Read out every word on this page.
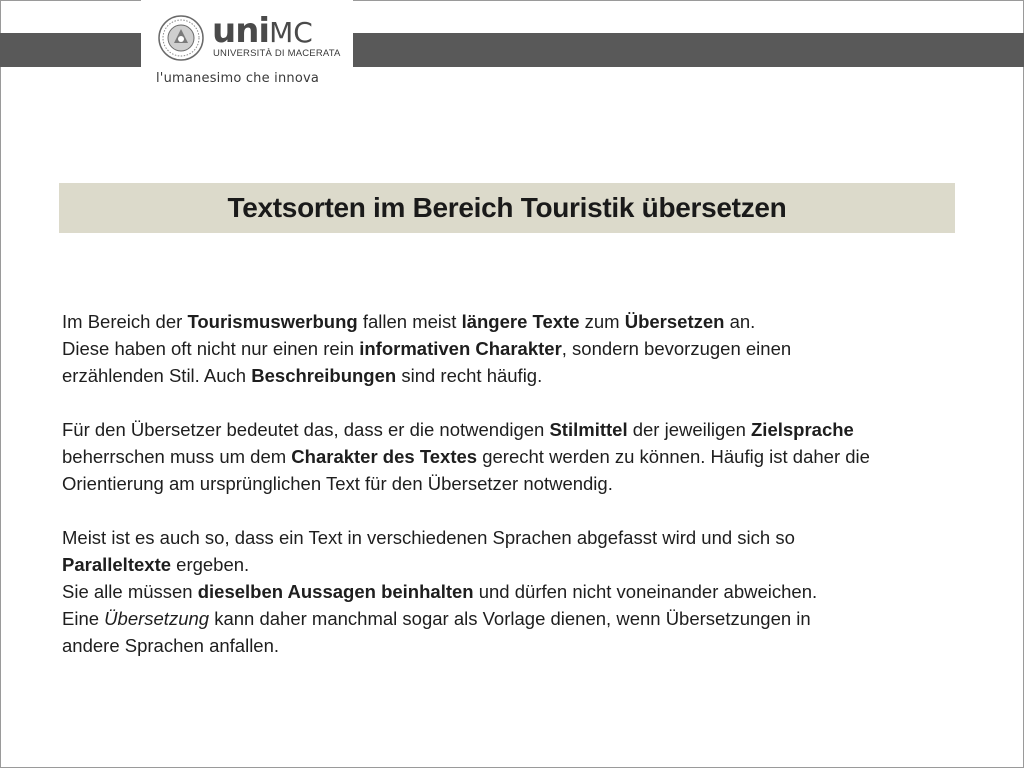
uniMC
UNIVERSITÀ DI MACERATA
l'umanesimo che innova
Textsorten im Bereich Touristik übersetzen

Im Bereich der Tourismuswerbung fallen meist längere Texte zum Übersetzen an.
Diese haben oft nicht nur einen rein informativen Charakter, sondern bevorzugen einen
erzählenden Stil. Auch Beschreibungen sind recht häufig.

Für den Übersetzer bedeutet das, dass er die notwendigen Stilmittel der jeweiligen Zielsprache
beherrschen muss um dem Charakter des Textes gerecht werden zu können. Häufig ist daher die
Orientierung am ursprünglichen Text für den Übersetzer notwendig.

Meist ist es auch so, dass ein Text in verschiedenen Sprachen abgefasst wird und sich so
Paralleltexte ergeben.
Sie alle müssen dieselben Aussagen beinhalten und dürfen nicht voneinander abweichen.
Eine Übersetzung kann daher manchmal sogar als Vorlage dienen, wenn Übersetzungen in
andere Sprachen anfallen.
